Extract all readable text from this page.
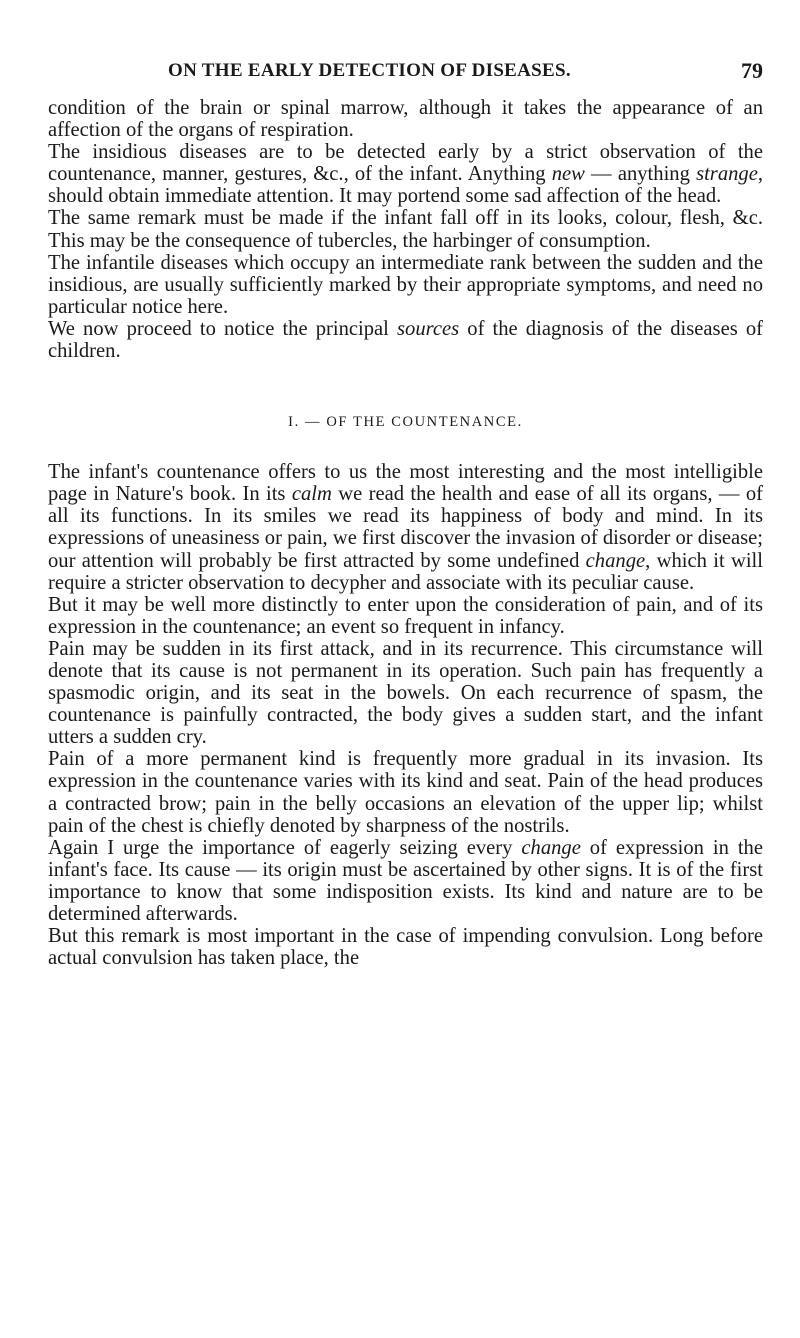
ON THE EARLY DETECTION OF DISEASES.	79

condition of the brain or spinal marrow, although it takes the appearance of an affection of the organs of respiration.

The insidious diseases are to be detected early by a strict observation of the countenance, manner, gestures, &c., of the infant. Anything new — anything strange, should obtain immediate attention. It may portend some sad affection of the head.

The same remark must be made if the infant fall off in its looks, colour, flesh, &c. This may be the consequence of tubercles, the harbinger of consumption.

The infantile diseases which occupy an intermediate rank between the sudden and the insidious, are usually sufficiently marked by their appropriate symptoms, and need no particular notice here.

We now proceed to notice the principal sources of the diagnosis of the diseases of children.

I. — OF THE COUNTENANCE.

The infant's countenance offers to us the most interesting and the most intelligible page in Nature's book. In its calm we read the health and ease of all its organs, — of all its functions. In its smiles we read its happiness of body and mind. In its expressions of uneasiness or pain, we first discover the invasion of disorder or disease; our attention will probably be first attracted by some undefined change, which it will require a stricter observation to decypher and associate with its peculiar cause.

But it may be well more distinctly to enter upon the consideration of pain, and of its expression in the countenance; an event so frequent in infancy.

Pain may be sudden in its first attack, and in its recurrence. This circumstance will denote that its cause is not permanent in its operation. Such pain has frequently a spasmodic origin, and its seat in the bowels. On each recurrence of spasm, the countenance is painfully contracted, the body gives a sudden start, and the infant utters a sudden cry.

Pain of a more permanent kind is frequently more gradual in its invasion. Its expression in the countenance varies with its kind and seat. Pain of the head produces a contracted brow; pain in the belly occasions an elevation of the upper lip; whilst pain of the chest is chiefly denoted by sharpness of the nostrils.

Again I urge the importance of eagerly seizing every change of expression in the infant's face. Its cause — its origin must be ascertained by other signs. It is of the first importance to know that some indisposition exists. Its kind and nature are to be determined afterwards.

But this remark is most important in the case of impending convulsion. Long before actual convulsion has taken place, the
